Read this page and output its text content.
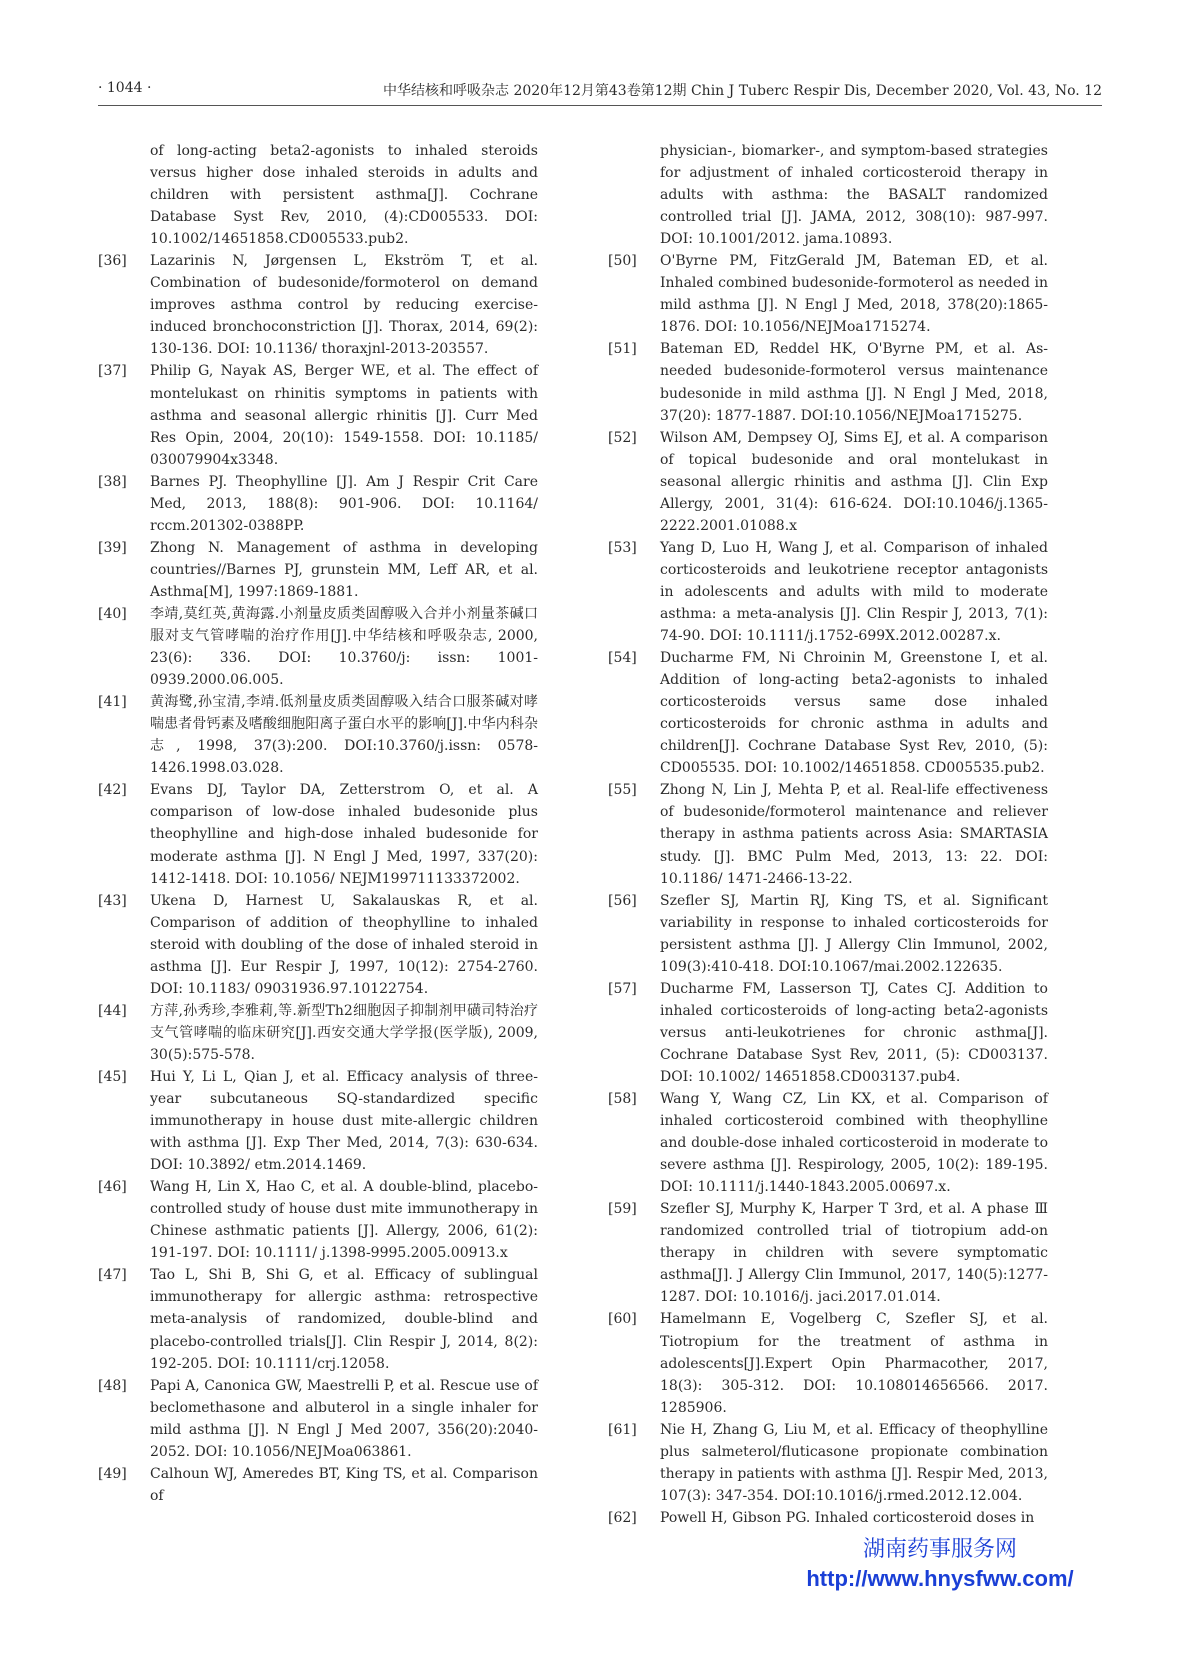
· 1044 ·	中华结核和呼吸杂志 2020年12月第43卷第12期 Chin J Tuberc Respir Dis, December 2020, Vol. 43, No. 12
of long-acting beta2-agonists to inhaled steroids versus higher dose inhaled steroids in adults and children with persistent asthma[J]. Cochrane Database Syst Rev, 2010, (4):CD005533. DOI: 10.1002/14651858.CD005533.pub2.
[36] Lazarinis N, Jørgensen L, Ekström T, et al. Combination of budesonide/formoterol on demand improves asthma control by reducing exercise-induced bronchoconstriction [J]. Thorax, 2014, 69(2): 130-136. DOI: 10.1136/ thoraxjnl-2013-203557.
[37] Philip G, Nayak AS, Berger WE, et al. The effect of montelukast on rhinitis symptoms in patients with asthma and seasonal allergic rhinitis [J]. Curr Med Res Opin, 2004, 20(10): 1549-1558. DOI: 10.1185/ 030079904x3348.
[38] Barnes PJ. Theophylline [J]. Am J Respir Crit Care Med, 2013, 188(8): 901-906. DOI: 10.1164/ rccm.201302-0388PP.
[39] Zhong N. Management of asthma in developing countries//Barnes PJ, grunstein MM, Leff AR, et al. Asthma[M], 1997:1869-1881.
[40] 李靖,莫红英,黄海露.小剂量皮质类固醇吸入合并小剂量茶碱口服对支气管哮喘的治疗作用[J].中华结核和呼吸杂志, 2000, 23(6): 336. DOI: 10.3760/j: issn: 1001-0939.2000.06.005.
[41] 黄海鹭,孙宝清,李靖.低剂量皮质类固醇吸入结合口服茶碱对哮喘患者骨钙素及嗜酸细胞阳离子蛋白水平的影响[J].中华内科杂志, 1998, 37(3):200. DOI:10.3760/j.issn: 0578-1426.1998.03.028.
[42] Evans DJ, Taylor DA, Zetterstrom O, et al. A comparison of low-dose inhaled budesonide plus theophylline and high-dose inhaled budesonide for moderate asthma [J]. N Engl J Med, 1997, 337(20): 1412-1418. DOI: 10.1056/ NEJM199711133372002.
[43] Ukena D, Harnest U, Sakalauskas R, et al. Comparison of addition of theophylline to inhaled steroid with doubling of the dose of inhaled steroid in asthma [J]. Eur Respir J, 1997, 10(12): 2754-2760. DOI: 10.1183/ 09031936.97.10122754.
[44] 方萍,孙秀珍,李雅莉,等.新型Th2细胞因子抑制剂甲磺司特治疗支气管哮喘的临床研究[J].西安交通大学学报(医学版), 2009, 30(5):575-578.
[45] Hui Y, Li L, Qian J, et al. Efficacy analysis of three-year subcutaneous SQ-standardized specific immunotherapy in house dust mite-allergic children with asthma [J]. Exp Ther Med, 2014, 7(3): 630-634. DOI: 10.3892/ etm.2014.1469.
[46] Wang H, Lin X, Hao C, et al. A double-blind, placebo-controlled study of house dust mite immunotherapy in Chinese asthmatic patients [J]. Allergy, 2006, 61(2): 191-197. DOI: 10.1111/ j.1398-9995.2005.00913.x
[47] Tao L, Shi B, Shi G, et al. Efficacy of sublingual immunotherapy for allergic asthma: retrospective meta-analysis of randomized, double-blind and placebo-controlled trials[J]. Clin Respir J, 2014, 8(2): 192-205. DOI: 10.1111/crj.12058.
[48] Papi A, Canonica GW, Maestrelli P, et al. Rescue use of beclomethasone and albuterol in a single inhaler for mild asthma [J]. N Engl J Med 2007, 356(20):2040-2052. DOI: 10.1056/NEJMoa063861.
[49] Calhoun WJ, Ameredes BT, King TS, et al. Comparison of
physician-, biomarker-, and symptom-based strategies for adjustment of inhaled corticosteroid therapy in adults with asthma: the BASALT randomized controlled trial [J]. JAMA, 2012, 308(10): 987-997. DOI: 10.1001/2012. jama.10893.
[50] O'Byrne PM, FitzGerald JM, Bateman ED, et al. Inhaled combined budesonide-formoterol as needed in mild asthma [J]. N Engl J Med, 2018, 378(20):1865-1876. DOI: 10.1056/NEJMoa1715274.
[51] Bateman ED, Reddel HK, O'Byrne PM, et al. As-needed budesonide-formoterol versus maintenance budesonide in mild asthma [J]. N Engl J Med, 2018, 37(20): 1877-1887. DOI:10.1056/NEJMoa1715275.
[52] Wilson AM, Dempsey OJ, Sims EJ, et al. A comparison of topical budesonide and oral montelukast in seasonal allergic rhinitis and asthma [J]. Clin Exp Allergy, 2001, 31(4): 616-624. DOI:10.1046/j.1365-2222.2001.01088.x
[53] Yang D, Luo H, Wang J, et al. Comparison of inhaled corticosteroids and leukotriene receptor antagonists in adolescents and adults with mild to moderate asthma: a meta-analysis [J]. Clin Respir J, 2013, 7(1): 74-90. DOI: 10.1111/j.1752-699X.2012.00287.x.
[54] Ducharme FM, Ni Chroinin M, Greenstone I, et al. Addition of long-acting beta2-agonists to inhaled corticosteroids versus same dose inhaled corticosteroids for chronic asthma in adults and children[J]. Cochrane Database Syst Rev, 2010, (5): CD005535. DOI: 10.1002/14651858. CD005535.pub2.
[55] Zhong N, Lin J, Mehta P, et al. Real-life effectiveness of budesonide/formoterol maintenance and reliever therapy in asthma patients across Asia: SMARTASIA study. [J]. BMC Pulm Med, 2013, 13: 22. DOI: 10.1186/ 1471-2466-13-22.
[56] Szefler SJ, Martin RJ, King TS, et al. Significant variability in response to inhaled corticosteroids for persistent asthma [J]. J Allergy Clin Immunol, 2002, 109(3):410-418. DOI:10.1067/mai.2002.122635.
[57] Ducharme FM, Lasserson TJ, Cates CJ. Addition to inhaled corticosteroids of long-acting beta2-agonists versus anti-leukotrienes for chronic asthma[J]. Cochrane Database Syst Rev, 2011, (5): CD003137. DOI: 10.1002/ 14651858.CD003137.pub4.
[58] Wang Y, Wang CZ, Lin KX, et al. Comparison of inhaled corticosteroid combined with theophylline and double-dose inhaled corticosteroid in moderate to severe asthma [J]. Respirology, 2005, 10(2): 189-195. DOI: 10.1111/j.1440-1843.2005.00697.x.
[59] Szefler SJ, Murphy K, Harper T 3rd, et al. A phase Ⅲ randomized controlled trial of tiotropium add-on therapy in children with severe symptomatic asthma[J]. J Allergy Clin Immunol, 2017, 140(5):1277-1287. DOI: 10.1016/j. jaci.2017.01.014.
[60] Hamelmann E, Vogelberg C, Szefler SJ, et al. Tiotropium for the treatment of asthma in adolescents[J].Expert Opin Pharmacother, 2017, 18(3): 305-312. DOI: 10.108014656566. 2017. 1285906.
[61] Nie H, Zhang G, Liu M, et al. Efficacy of theophylline plus salmeterol/fluticasone propionate combination therapy in patients with asthma [J]. Respir Med, 2013, 107(3): 347-354. DOI:10.1016/j.rmed.2012.12.004.
[62] Powell H, Gibson PG. Inhaled corticosteroid doses in
湖南药事服务网
http://www.hnysfww.com/
